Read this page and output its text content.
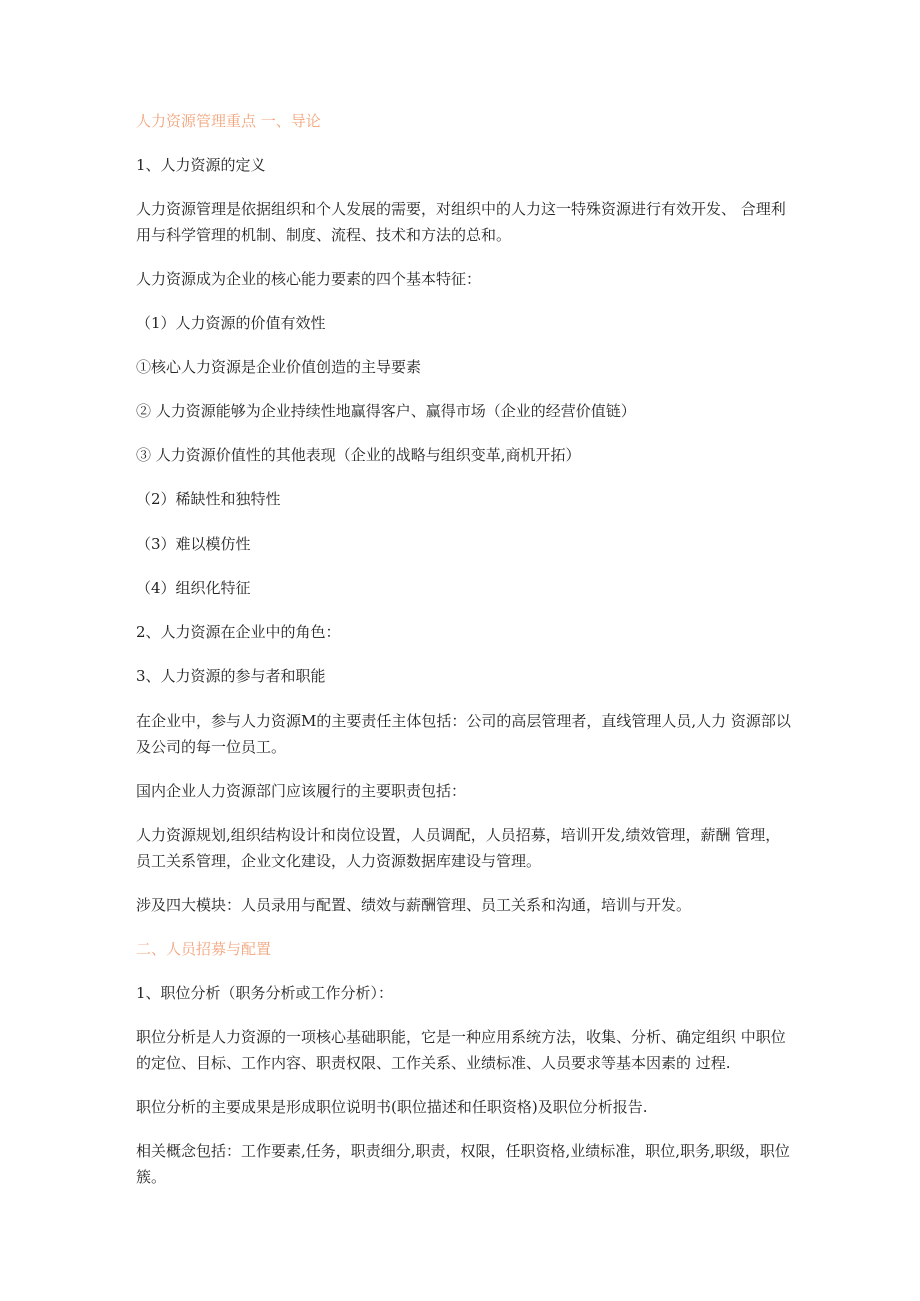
人力资源管理重点 一、导论

1、人力资源的定义

人力资源管理是依据组织和个人发展的需要，对组织中的人力这一特殊资源进行有效开发、 合理利用与科学管理的机制、制度、流程、技术和方法的总和。

人力资源成为企业的核心能力要素的四个基本特征：

（1）人力资源的价值有效性

①核心人力资源是企业价值创造的主导要素

② 人力资源能够为企业持续性地赢得客户、赢得市场（企业的经营价值链）

③ 人力资源价值性的其他表现（企业的战略与组织变革,商机开拓）

（2）稀缺性和独特性

（3）难以模仿性

（4）组织化特征

2、人力资源在企业中的角色：

3、人力资源的参与者和职能

在企业中，参与人力资源M的主要责任主体包括：公司的高层管理者，直线管理人员,人力 资源部以及公司的每一位员工。

国内企业人力资源部门应该履行的主要职责包括：

人力资源规划,组织结构设计和岗位设置，人员调配，人员招募，培训开发,绩效管理，薪酬 管理，员工关系管理，企业文化建设，人力资源数据库建设与管理。

涉及四大模块：人员录用与配置、绩效与薪酬管理、员工关系和沟通，培训与开发。

二、人员招募与配置

1、职位分析（职务分析或工作分析）：

职位分析是人力资源的一项核心基础职能，它是一种应用系统方法，收集、分析、确定组织 中职位的定位、目标、工作内容、职责权限、工作关系、业绩标准、人员要求等基本因素的 过程.

职位分析的主要成果是形成职位说明书(职位描述和任职资格)及职位分析报告.

相关概念包括：工作要素,任务，职责细分,职责，权限，任职资格,业绩标准，职位,职务,职级，职位簇。
